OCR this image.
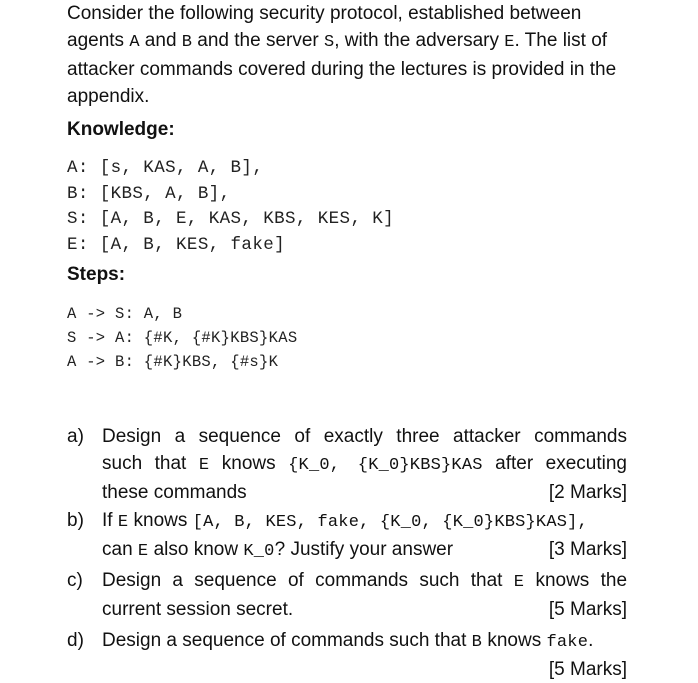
Consider the following security protocol, established between agents A and B and the server S, with the adversary E. The list of attacker commands covered during the lectures is provided in the appendix.
Knowledge:
A: [s, KAS, A, B],
B: [KBS, A, B],
S: [A, B, E, KAS, KBS, KES, K]
E: [A, B, KES, fake]
Steps:
A -> S: A, B
S -> A: {#K, {#K}KBS}KAS
A -> B: {#K}KBS, {#s}K
a) Design a sequence of exactly three attacker commands
such that E knows {K_0, {K_0}KBS}KAS after executing
these commands	[2 Marks]
b) If E knows [A, B, KES, fake, {K_0, {K_0}KBS}KAS],
can E also know K_0? Justify your answer	[3 Marks]
c) Design a sequence of commands such that E knows the
current session secret.	[5 Marks]
d) Design a sequence of commands such that B knows fake.
[5 Marks]
